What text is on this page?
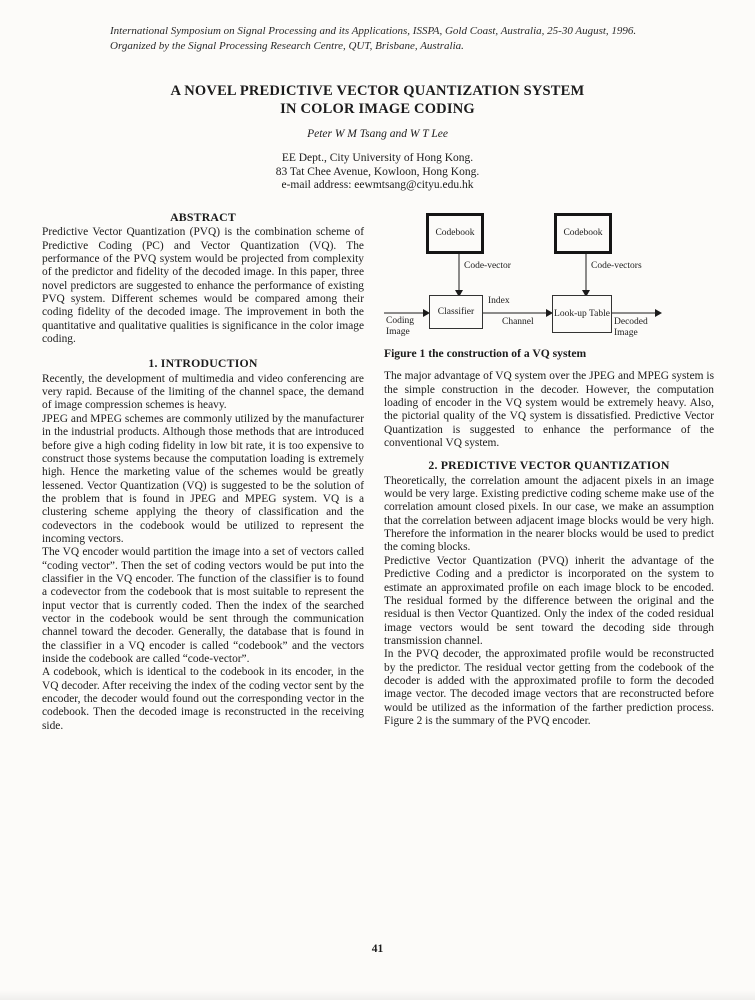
International Symposium on Signal Processing and its Applications, ISSPA, Gold Coast, Australia, 25-30 August, 1996.
Organized by the Signal Processing Research Centre, QUT, Brisbane, Australia.
A NOVEL PREDICTIVE VECTOR QUANTIZATION SYSTEM
IN COLOR IMAGE CODING
Peter W M Tsang and W T Lee
EE Dept., City University of Hong Kong.
83 Tat Chee Avenue, Kowloon, Hong Kong.
e-mail address: eewmtsang@cityu.edu.hk
ABSTRACT

Predictive Vector Quantization (PVQ) is the combination scheme of Predictive Coding (PC) and Vector Quantization (VQ). The performance of the PVQ system would be projected from complexity of the predictor and fidelity of the decoded image. In this paper, three novel predictors are suggested to enhance the performance of existing PVQ system. Different schemes would be compared among their coding fidelity of the decoded image. The improvement in both the quantitative and qualitative qualities is significance in the color image coding.

1. INTRODUCTION

Recently, the development of multimedia and video conferencing are very rapid. Because of the limiting of the channel space, the demand of image compression schemes is heavy.

JPEG and MPEG schemes are commonly utilized by the manufacturer in the industrial products. Although those methods that are introduced before give a high coding fidelity in low bit rate, it is too expensive to construct those systems because the computation loading is extremely high. Hence the marketing value of the schemes would be greatly lessened. Vector Quantization (VQ) is suggested to be the solution of the problem that is found in JPEG and MPEG system. VQ is a clustering scheme applying the theory of classification and the codevectors in the codebook would be utilized to represent the incoming vectors.

The VQ encoder would partition the image into a set of vectors called “coding vector”. Then the set of coding vectors would be put into the classifier in the VQ encoder. The function of the classifier is to found a codevector from the codebook that is most suitable to represent the input vector that is currently coded. Then the index of the searched vector in the codebook would be sent through the communication channel toward the decoder. Generally, the database that is found in the classifier in a VQ encoder is called “codebook” and the vectors inside the codebook are called “code-vector”.

A codebook, which is identical to the codebook in its encoder, in the VQ decoder. After receiving the index of the coding vector sent by the encoder, the decoder would found out the corresponding vector in the codebook. Then the decoded image is reconstructed in the receiving side.

Codebook	Codebook
Classifier	Look-up Table
Code-vector	Code-vectors
Index
Channel
Coding
Image
Decoded
Image
Figure 1 the construction of a VQ system

The major advantage of VQ system over the JPEG and MPEG system is the simple construction in the decoder. However, the computation loading of encoder in the VQ system would be extremely heavy. Also, the pictorial quality of the VQ system is dissatisfied. Predictive Vector Quantization is suggested to enhance the performance of the conventional VQ system.

2. PREDICTIVE VECTOR QUANTIZATION

Theoretically, the correlation amount the adjacent pixels in an image would be very large. Existing predictive coding scheme make use of the correlation amount closed pixels. In our case, we make an assumption that the correlation between adjacent image blocks would be very high. Therefore the information in the nearer blocks would be used to predict the coming blocks.

Predictive Vector Quantization (PVQ) inherit the advantage of the Predictive Coding and a predictor is incorporated on the system to estimate an approximated profile on each image block to be encoded. The residual formed by the difference between the original and the residual is then Vector Quantized. Only the index of the coded residual image vectors would be sent toward the decoding side through transmission channel.

In the PVQ decoder, the approximated profile would be reconstructed by the predictor. The residual vector getting from the codebook of the decoder is added with the approximated profile to form the decoded image vector. The decoded image vectors that are reconstructed before would be utilized as the information of the farther prediction process. Figure 2 is the summary of the PVQ encoder.

41
